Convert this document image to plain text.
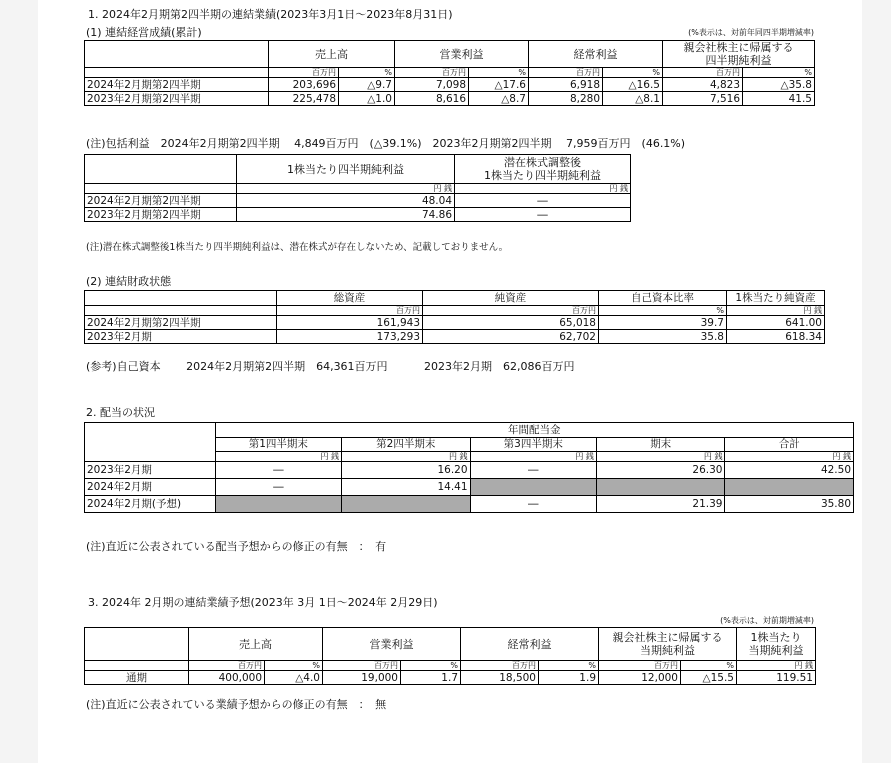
1. 2024年2月期第2四半期の連結業績(2023年3月1日～2023年8月31日)
(1) 連結経営成績(累計)	(%表示は、対前年同四半期増減率)
	売上高		営業利益		経常利益		親会社株主に帰属する
四半期純利益	
	百万円	%	百万円	%	百万円	%	百万円	%
2024年2月期第2四半期	203,696	△9.7	7,098	△17.6	6,918	△16.5	4,823	△35.8
2023年2月期第2四半期	225,478	△1.0	8,616	△8.7	8,280	△8.1	7,516	41.5
(注)包括利益　2024年2月期第2四半期　 4,849百万円　(△39.1%)　2023年2月期第2四半期　 7,959百万円　(46.1%)
	1株当たり四半期純利益	潜在株式調整後
1株当たり四半期純利益
	円 銭	円 銭
2024年2月期第2四半期	48.04	―
2023年2月期第2四半期	74.86	―
(注)潜在株式調整後1株当たり四半期純利益は、潜在株式が存在しないため、記載しておりません。
(2) 連結財政状態
	総資産	純資産	自己資本比率	1株当たり純資産
	百万円	百万円	%	円 銭
2024年2月期第2四半期	161,943	65,018	39.7	641.00
2023年2月期	173,293	62,702	35.8	618.34
(参考)自己資本　　 2024年2月期第2四半期　64,361百万円　　　 2023年2月期　62,086百万円
2. 配当の状況
	年間配当金				
	第1四半期末	第2四半期末	第3四半期末	期末	合計
	円 銭	円 銭	円 銭	円 銭	円 銭
2023年2月期	―	16.20	―	26.30	42.50
2024年2月期	―	14.41			
2024年2月期(予想)			―	21.39	35.80
(注)直近に公表されている配当予想からの修正の有無　：　有
3. 2024年 2月期の連結業績予想(2023年 3月 1日～2024年 2月29日)
(%表示は、対前期増減率)
	売上高		営業利益		経常利益		親会社株主に帰属する
当期純利益		1株当たり
当期純利益
	百万円	%	百万円	%	百万円	%	百万円	%	円 銭
通期	400,000	△4.0	19,000	1.7	18,500	1.9	12,000	△15.5	119.51
(注)直近に公表されている業績予想からの修正の有無　：　無
